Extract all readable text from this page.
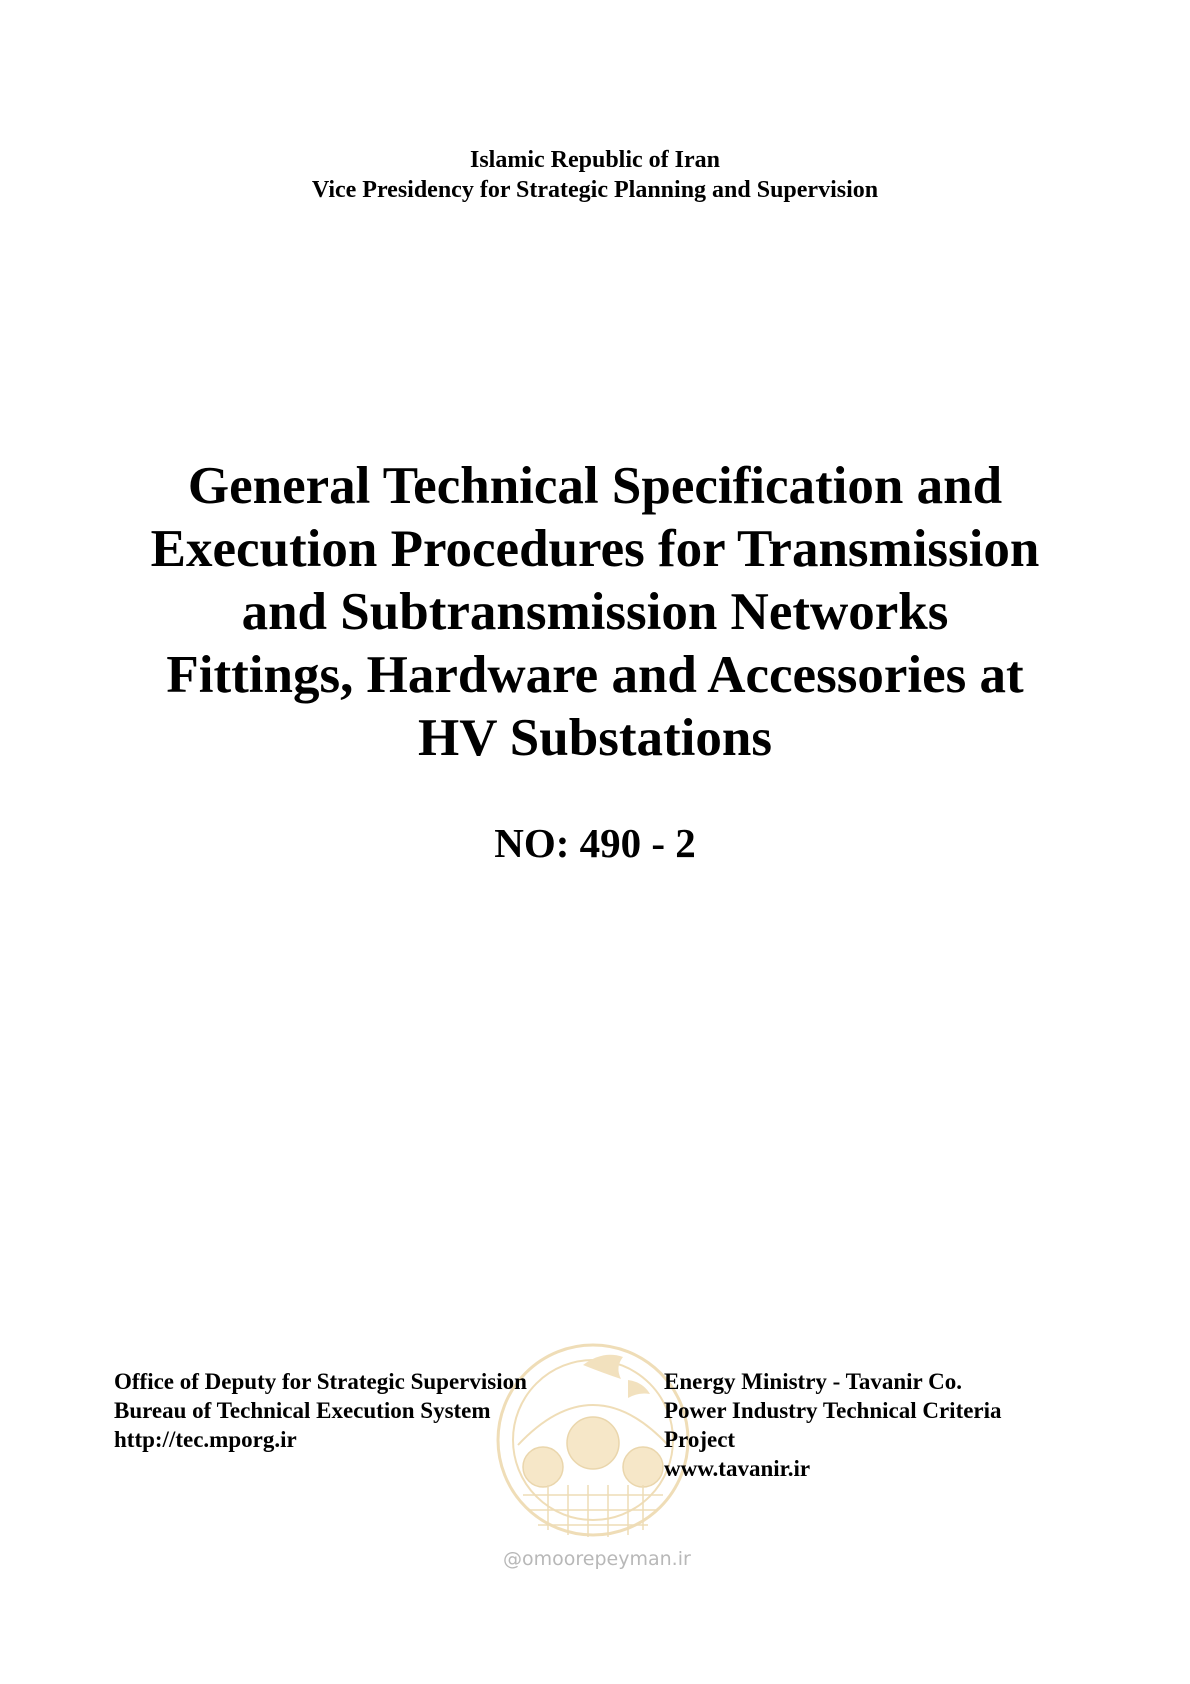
Islamic Republic of Iran
Vice Presidency for Strategic Planning and Supervision
General Technical Specification and
Execution Procedures for Transmission
and Subtransmission Networks
Fittings, Hardware and Accessories at
HV Substations
NO: 490 - 2
Office of Deputy for Strategic Supervision
Bureau of Technical Execution System
http://tec.mporg.ir
Energy Ministry - Tavanir Co.
Power Industry Technical Criteria
Project
www.tavanir.ir
@omoorepeyman.ir
